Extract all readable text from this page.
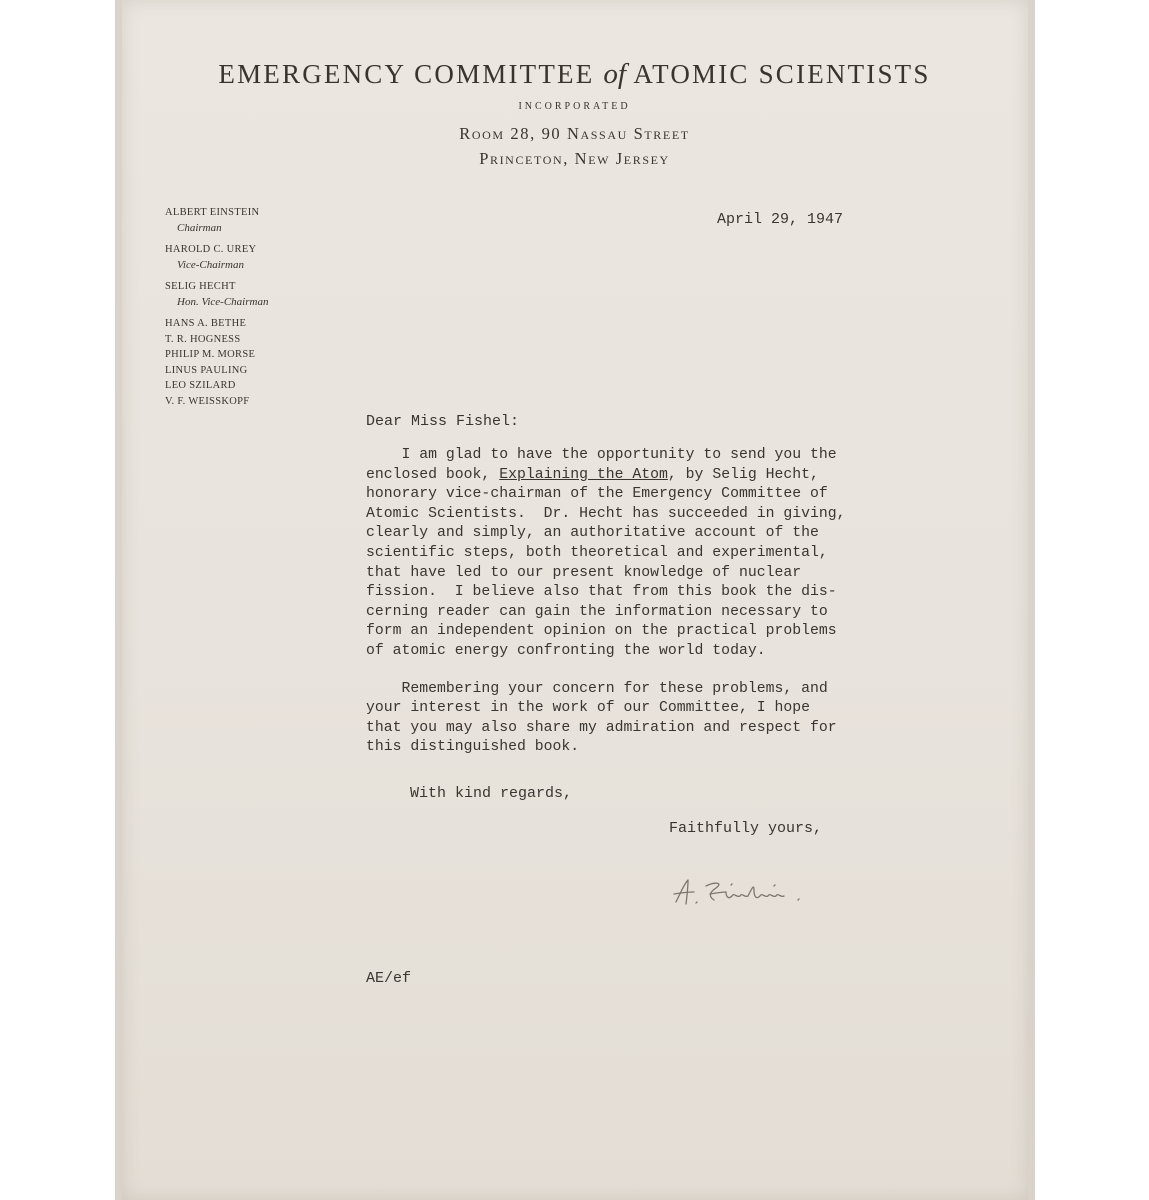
EMERGENCY COMMITTEE of ATOMIC SCIENTISTS
INCORPORATED
Room 28, 90 Nassau Street
Princeton, New Jersey
ALBERT EINSTEIN
Chairman
HAROLD C. UREY
Vice-Chairman
SELIG HECHT
Hon. Vice-Chairman
HANS A. BETHE
T. R. HOGNESS
PHILIP M. MORSE
LINUS PAULING
LEO SZILARD
V. F. WEISSKOPF
April 29, 1947
Dear Miss Fishel:
I am glad to have the opportunity to send you the
enclosed book, Explaining the Atom, by Selig Hecht,
honorary vice-chairman of the Emergency Committee of
Atomic Scientists.  Dr. Hecht has succeeded in giving,
clearly and simply, an authoritative account of the
scientific steps, both theoretical and experimental,
that have led to our present knowledge of nuclear
fission.  I believe also that from this book the dis-
cerning reader can gain the information necessary to
form an independent opinion on the practical problems
of atomic energy confronting the world today.
Remembering your concern for these problems, and
your interest in the work of our Committee, I hope
that you may also share my admiration and respect for
this distinguished book.
With kind regards,
Faithfully yours,
AE/ef
